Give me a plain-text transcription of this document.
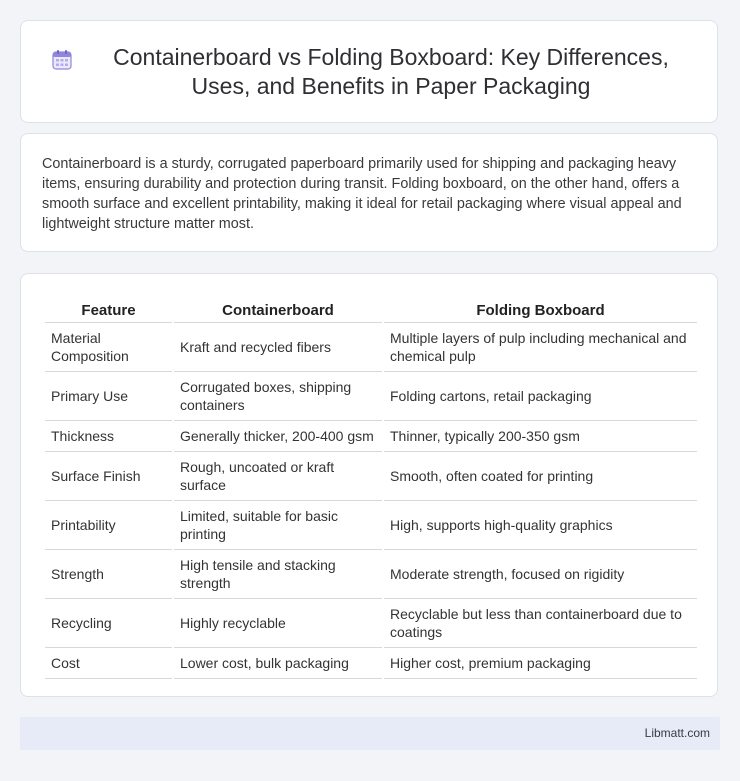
Containerboard vs Folding Boxboard: Key Differences, Uses, and Benefits in Paper Packaging

Containerboard is a sturdy, corrugated paperboard primarily used for shipping and packaging heavy items, ensuring durability and protection during transit. Folding boxboard, on the other hand, offers a smooth surface and excellent printability, making it ideal for retail packaging where visual appeal and lightweight structure matter most.

Feature	Containerboard	Folding Boxboard
Material Composition	Kraft and recycled fibers	Multiple layers of pulp including mechanical and chemical pulp
Primary Use	Corrugated boxes, shipping containers	Folding cartons, retail packaging
Thickness	Generally thicker, 200-400 gsm	Thinner, typically 200-350 gsm
Surface Finish	Rough, uncoated or kraft surface	Smooth, often coated for printing
Printability	Limited, suitable for basic printing	High, supports high-quality graphics
Strength	High tensile and stacking strength	Moderate strength, focused on rigidity
Recycling	Highly recyclable	Recyclable but less than containerboard due to coatings
Cost	Lower cost, bulk packaging	Higher cost, premium packaging
Libmatt.com
